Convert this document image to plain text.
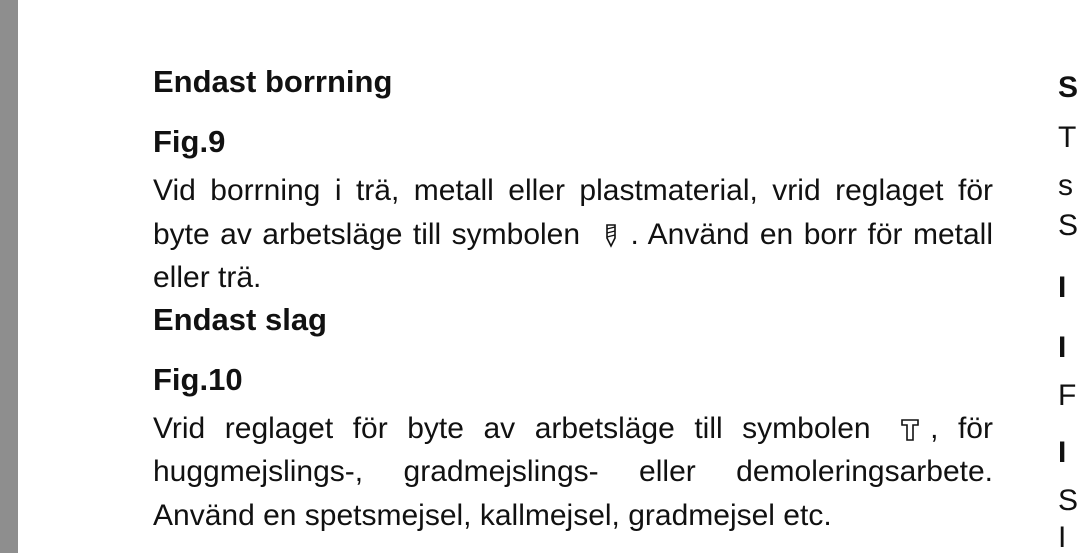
Endast borrning

Fig.9

Vid borrning i trä, metall eller plastmaterial, vrid reglaget för byte av arbetsläge till symbolen . Använd en borr för metall eller trä.

Endast slag

Fig.10

Vrid reglaget för byte av arbetsläge till symbolen , för huggmejslings-, gradmejslings- eller demoleringsarbete. Använd en spetsmejsel, kallmejsel, gradmejsel etc.

S
T
s
S
I
I
F
I
S
I
